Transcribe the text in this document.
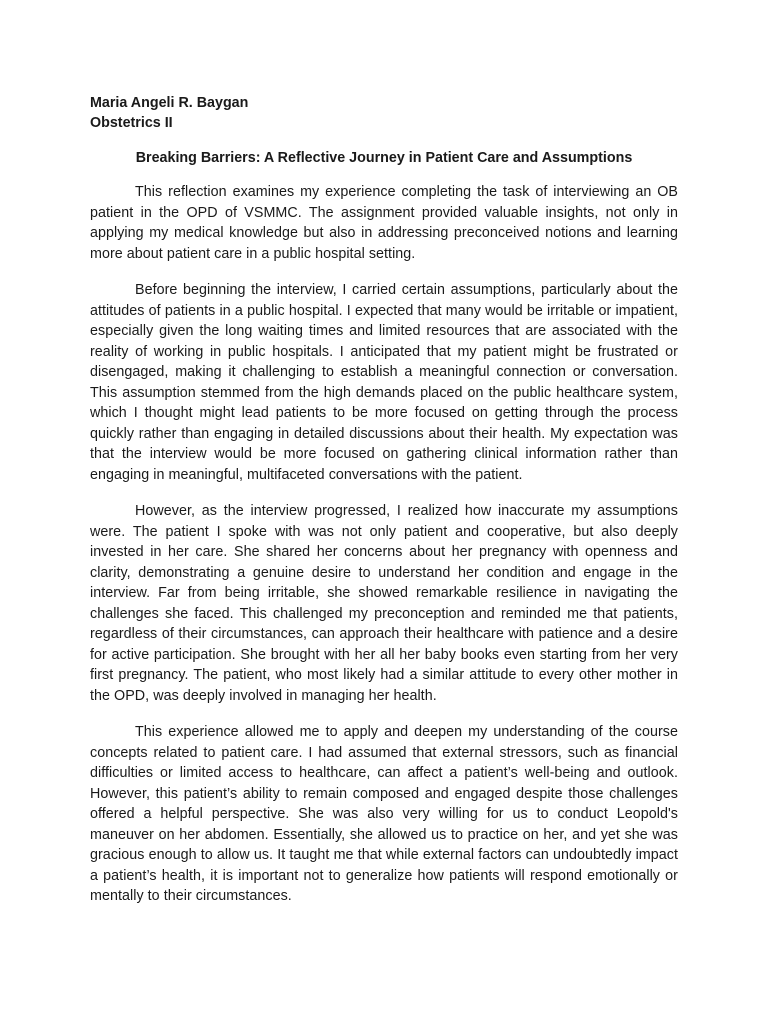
Maria Angeli R. Baygan

Obstetrics II

Breaking Barriers: A Reflective Journey in Patient Care and Assumptions

This reflection examines my experience completing the task of interviewing an OB patient in the OPD of VSMMC. The assignment provided valuable insights, not only in applying my medical knowledge but also in addressing preconceived notions and learning more about patient care in a public hospital setting.

Before beginning the interview, I carried certain assumptions, particularly about the attitudes of patients in a public hospital. I expected that many would be irritable or impatient, especially given the long waiting times and limited resources that are associated with the reality of working in public hospitals. I anticipated that my patient might be frustrated or disengaged, making it challenging to establish a meaningful connection or conversation. This assumption stemmed from the high demands placed on the public healthcare system, which I thought might lead patients to be more focused on getting through the process quickly rather than engaging in detailed discussions about their health. My expectation was that the interview would be more focused on gathering clinical information rather than engaging in meaningful, multifaceted conversations with the patient.

However, as the interview progressed, I realized how inaccurate my assumptions were. The patient I spoke with was not only patient and cooperative, but also deeply invested in her care. She shared her concerns about her pregnancy with openness and clarity, demonstrating a genuine desire to understand her condition and engage in the interview. Far from being irritable, she showed remarkable resilience in navigating the challenges she faced. This challenged my preconception and reminded me that patients, regardless of their circumstances, can approach their healthcare with patience and a desire for active participation. She brought with her all her baby books even starting from her very first pregnancy. The patient, who most likely had a similar attitude to every other mother in the OPD, was deeply involved in managing her health.

This experience allowed me to apply and deepen my understanding of the course concepts related to patient care. I had assumed that external stressors, such as financial difficulties or limited access to healthcare, can affect a patient’s well-being and outlook. However, this patient’s ability to remain composed and engaged despite those challenges offered a helpful perspective. She was also very willing for us to conduct Leopold's maneuver on her abdomen. Essentially, she allowed us to practice on her, and yet she was gracious enough to allow us. It taught me that while external factors can undoubtedly impact a patient’s health, it is important not to generalize how patients will respond emotionally or mentally to their circumstances.
